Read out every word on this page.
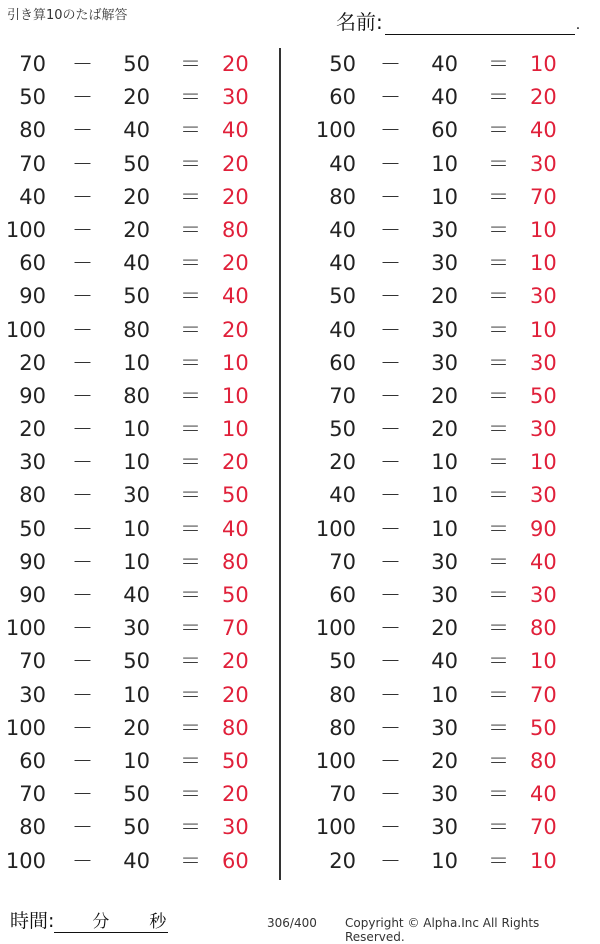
引き算10のたば解答	名前:	.
70 －	50 ＝ 20
50 －	20 ＝ 30
80 －	40 ＝ 40
70 －	50 ＝ 20
40 －	20 ＝ 20
100 －	20 ＝ 80
60 －	40 ＝ 20
90 －	50 ＝ 40
100 －	80 ＝ 20
20 －	10 ＝ 10
90 －	80 ＝ 10
20 －	10 ＝ 10
30 －	10 ＝ 20
80 －	30 ＝ 50
50 －	10 ＝ 40
90 －	10 ＝ 80
90 －	40 ＝ 50
100 －	30 ＝ 70
70 －	50 ＝ 20
30 －	10 ＝ 20
100 －	20 ＝ 80
60 －	10 ＝ 50
70 －	50 ＝ 20
80 －	50 ＝ 30
100 －	40 ＝ 60
50 －	40 ＝ 10
60 －	40 ＝ 20
100 －	60 ＝ 40
40 －	10 ＝ 30
80 －	10 ＝ 70
40 －	30 ＝ 10
40 －	30 ＝ 10
50 －	20 ＝ 30
40 －	30 ＝ 10
60 －	30 ＝ 30
70 －	20 ＝ 50
50 －	20 ＝ 30
20 －	10 ＝ 10
40 －	10 ＝ 30
100 －	10 ＝ 90
70 －	30 ＝ 40
60 －	30 ＝ 30
100 －	20 ＝ 80
50 －	40 ＝ 10
80 －	10 ＝ 70
80 －	30 ＝ 50
100 －	20 ＝ 80
70 －	30 ＝ 40
100 －	30 ＝ 70
20 －	10 ＝ 10
時間: 分 秒	306/400 Copyright © Alpha.Inc All Rights Reserved.
